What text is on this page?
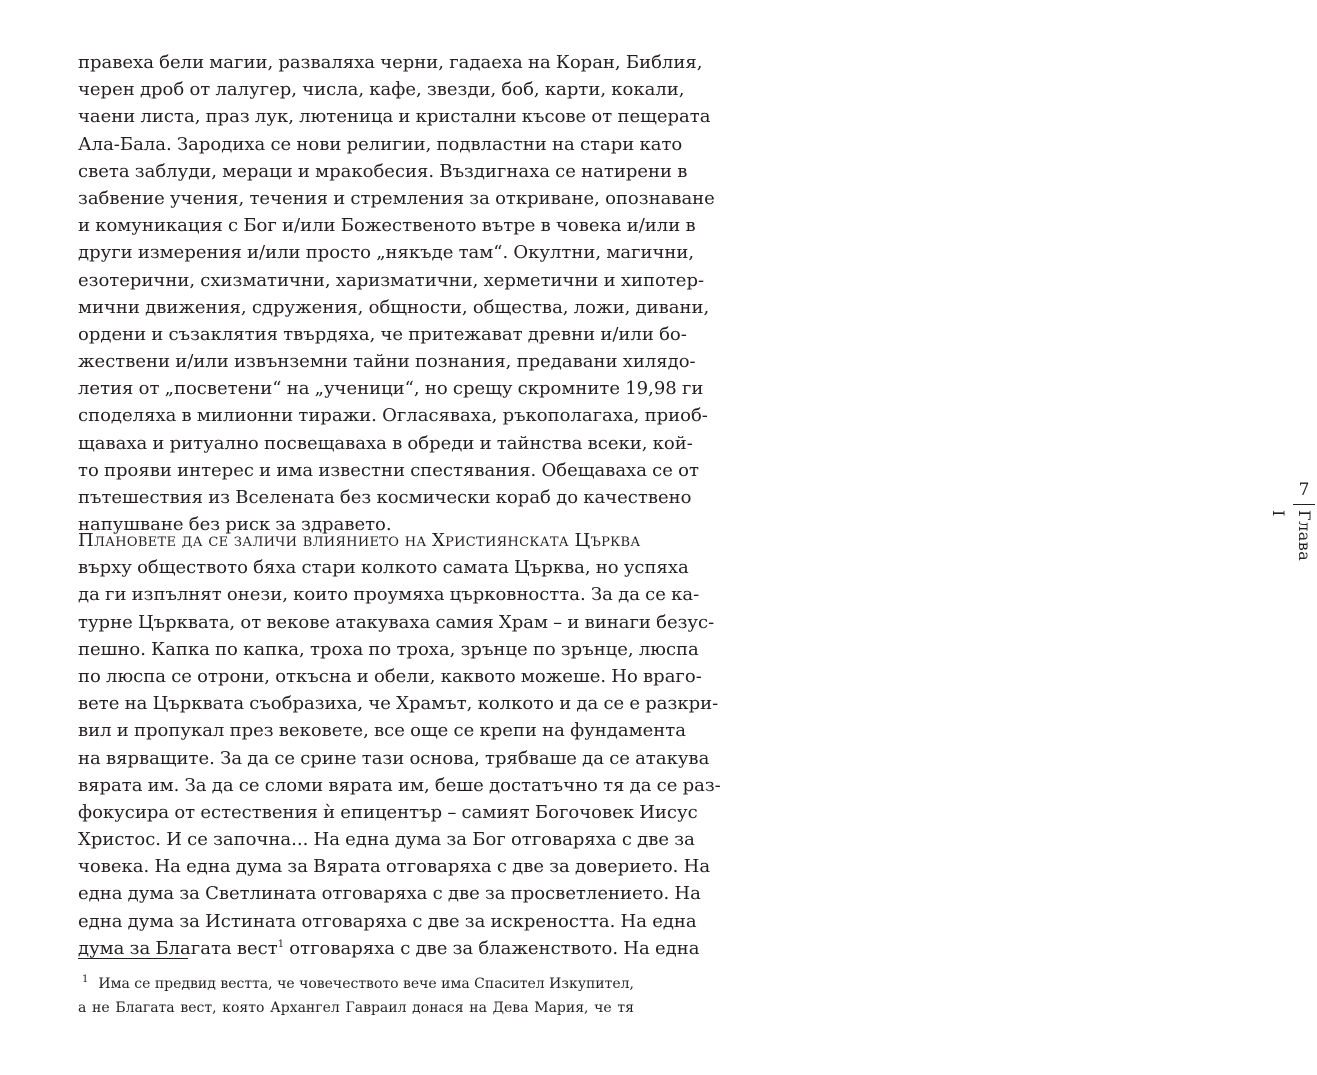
7
Глава I
правеха бели магии, разваляха черни, гадаеха на Коран, Библия,
черен дроб от лалугер, числа, кафе, звезди, боб, карти, кокали,
чаени листа, праз лук, лютеница и кристални късове от пещерата
Ала-Бала. Зародиха се нови религии, подвластни на стари като
света заблуди, мераци и мракобесия. Въздигнаха се натирени в
забвение учения, течения и стремления за откриване, опознаване
и комуникация с Бог и/или Божественото вътре в човека и/или в
други измерения и/или просто „някъде там“. Окултни, магични,
езотерични, схизматични, харизматични, херметични и хипотер-
мични движения, сдружения, общности, общества, ложи, дивани,
ордени и съзаклятия твърдяха, че притежават древни и/или бо-
жествени и/или извънземни тайни познания, предавани хилядо-
летия от „посветени“ на „ученици“, но срещу скромните 19,98 ги
споделяха в милионни тиражи. Огласяваха, ръкополагаха, приоб-
щаваха и ритуално посвещаваха в обреди и тайнства всеки, кой-
то прояви интерес и има известни спестявания. Обещаваха се от
пътешествия из Вселената без космически кораб до качествено
напушване без риск за здравето.
Плановете да се заличи влиянието на Християнската Църква
върху обществото бяха стари колкото самата Църква, но успяха
да ги изпълнят онези, които проумяха църковността. За да се ка-
турне Църквата, от векове атакуваха самия Храм – и винаги безус-
пешно. Капка по капка, троха по троха, зрънце по зрънце, люспа
по люспа се отрони, откъсна и обели, каквото можеше. Но враго-
вете на Църквата съобразиха, че Храмът, колкото и да се е разкри-
вил и пропукал през вековете, все още се крепи на фундамента
на вярващите. За да се срине тази основа, трябваше да се атакува
вярата им. За да се сломи вярата им, беше достатъчно тя да се раз-
фокусира от естествения ѝ епицентър – самият Богочовек Иисус
Христос. И се започна... На една дума за Бог отговаряха с две за
човека. На една дума за Вярата отговаряха с две за доверието. На
една дума за Светлината отговаряха с две за просветлението. На
една дума за Истината отговаряха с две за искреността. На една
дума за Благата вест$^1$ отговаряха с две за блаженството. На една
1 Има се предвид вестта, че човечеството вече има Спасител Изкупител,
а не Благата вест, която Архангел Гавраил донася на Дева Мария, че тя
